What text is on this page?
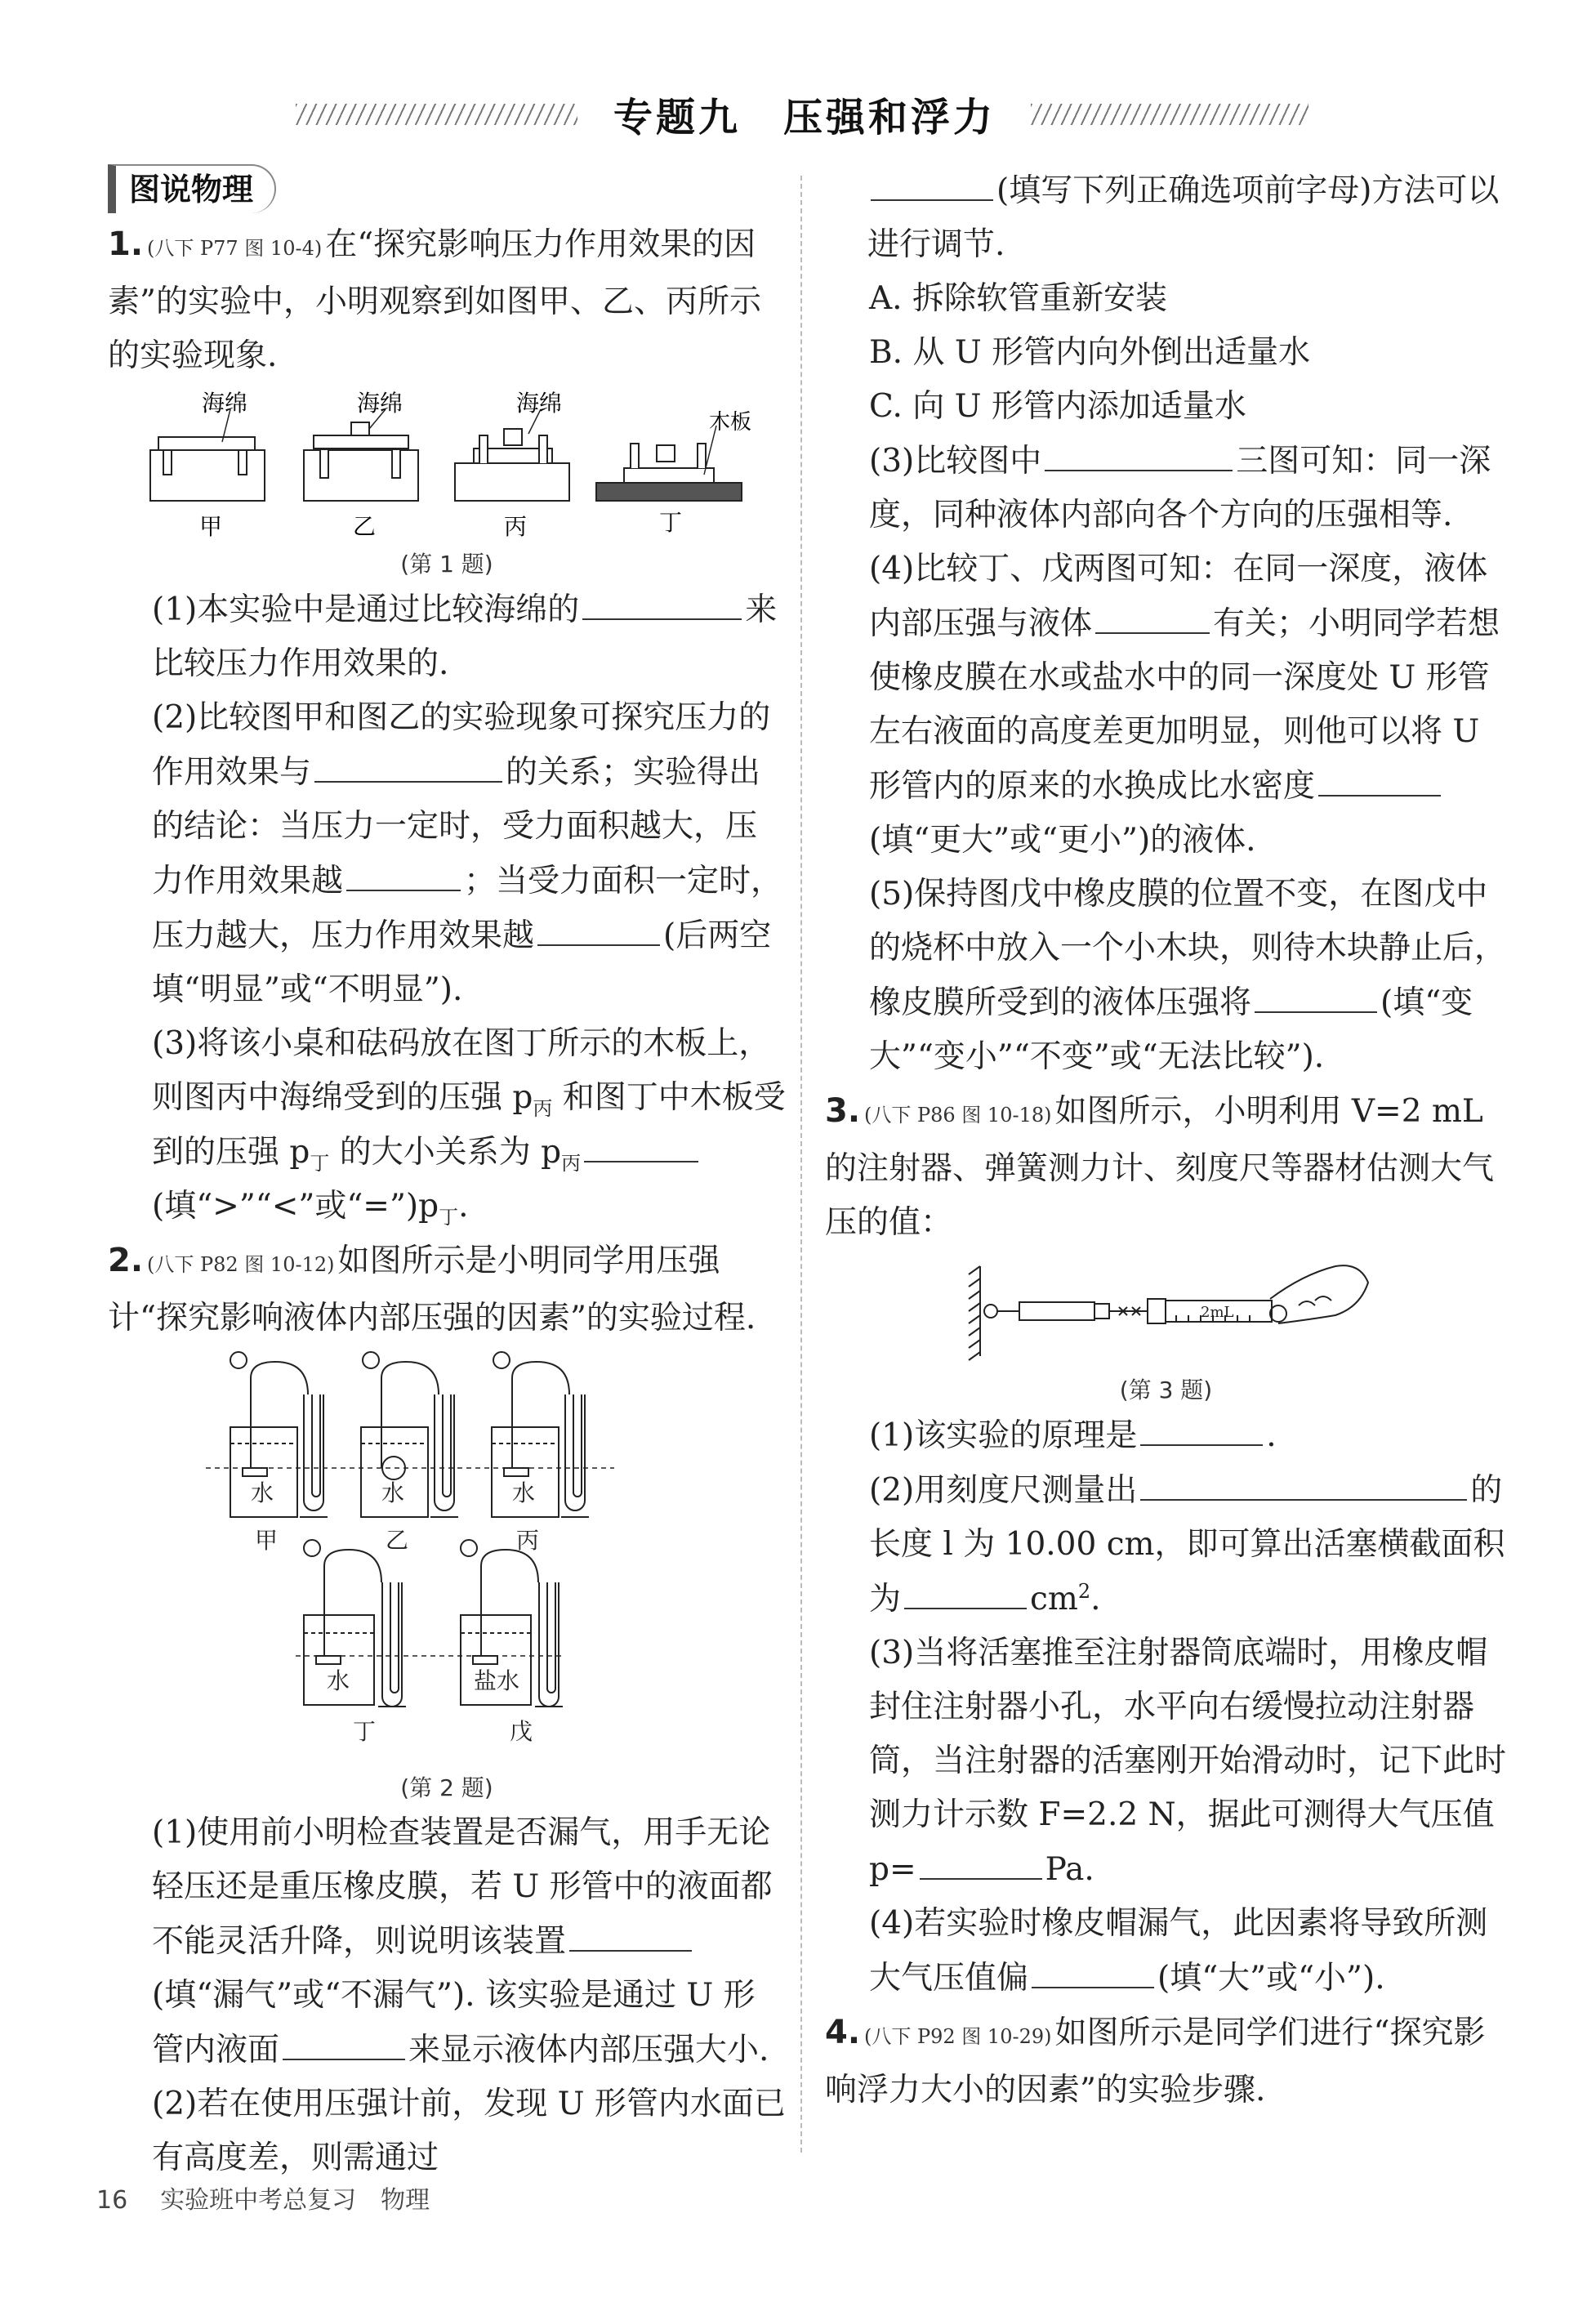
专题九　压强和浮力
图说物理
1. (八下 P77 图 10-4) 在“探究影响压力作用效果的因素”的实验中，小明观察到如图甲、乙、丙所示的实验现象.
海绵
甲
海绵
乙
海绵
丙
木板
丁
(第 1 题)
(1)本实验中是通过比较海绵的	来比较压力作用效果的.
(2)比较图甲和图乙的实验现象可探究压力的作用效果与	的关系；实验得出的结论：当压力一定时，受力面积越大，压力作用效果越	；当受力面积一定时，压力越大，压力作用效果越	(后两空填“明显”或“不明显”).
(3)将该小桌和砝码放在图丁所示的木板上，则图丙中海绵受到的压强 $p_丙$ 和图丁中木板受到的压强 $p_丁$ 的大小关系为 $p_丙$
(填“>”“<”或“$=”)p_丁$.
2. (八下 P82 图 10-12) 如图所示是小明同学用压强计“探究影响液体内部压强的因素”的实验过程.
水	水	水
水	盐水
甲	乙	丙
丁	戊
(第 2 题)
(1)使用前小明检查装置是否漏气，用手无论轻压还是重压橡皮膜，若 U 形管中的液面都不能灵活升降，则说明该装置(填“漏气”或“不漏气”). 该实验是通过 U 形管内液面	来显示液体内部压强大小.
(2)若在使用压强计前，发现 U 形管内水面已有高度差，则需通过
(填写下列正确选项前字母)方法可以进行调节.
A. 拆除软管重新安装
B. 从 U 形管内向外倒出适量水
C. 向 U 形管内添加适量水
(3)比较图中	三图可知：同一深度，同种液体内部向各个方向的压强相等.
(4)比较丁、戊两图可知：在同一深度，液体内部压强与液体	有关；小明同学若想使橡皮膜在水或盐水中的同一深度处 U 形管左右液面的高度差更加明显，则他可以将 U 形管内的原来的水换成比水密度(填“更大”或“更小”)的液体.
(5)保持图戊中橡皮膜的位置不变，在图戊中的烧杯中放入一个小木块，则待木块静止后，橡皮膜所受到的液体压强将	(填“变大”“变小”“不变”或“无法比较”).
3. (八下 P86 图 10-18) 如图所示，小明利用 V=2 mL 的注射器、弹簧测力计、刻度尺等器材估测大气压的值：
2mL
(第 3 题)
(1)该实验的原理是	.
(2)用刻度尺测量出	的长度 l 为 10.00 cm，即可算出活塞横截面积为	$cm^2$.
(3)当将活塞推至注射器筒底端时，用橡皮帽封住注射器小孔，水平向右缓慢拉动注射器筒，当注射器的活塞刚开始滑动时，记下此时测力计示数 F=2.2 N，据此可测得大气压值 p=	Pa.
(4)若实验时橡皮帽漏气，此因素将导致所测大气压值偏	(填“大”或“小”).
4. (八下 P92 图 10-29) 如图所示是同学们进行“探究影响浮力大小的因素”的实验步骤.
16 实验班中考总复习　物理
